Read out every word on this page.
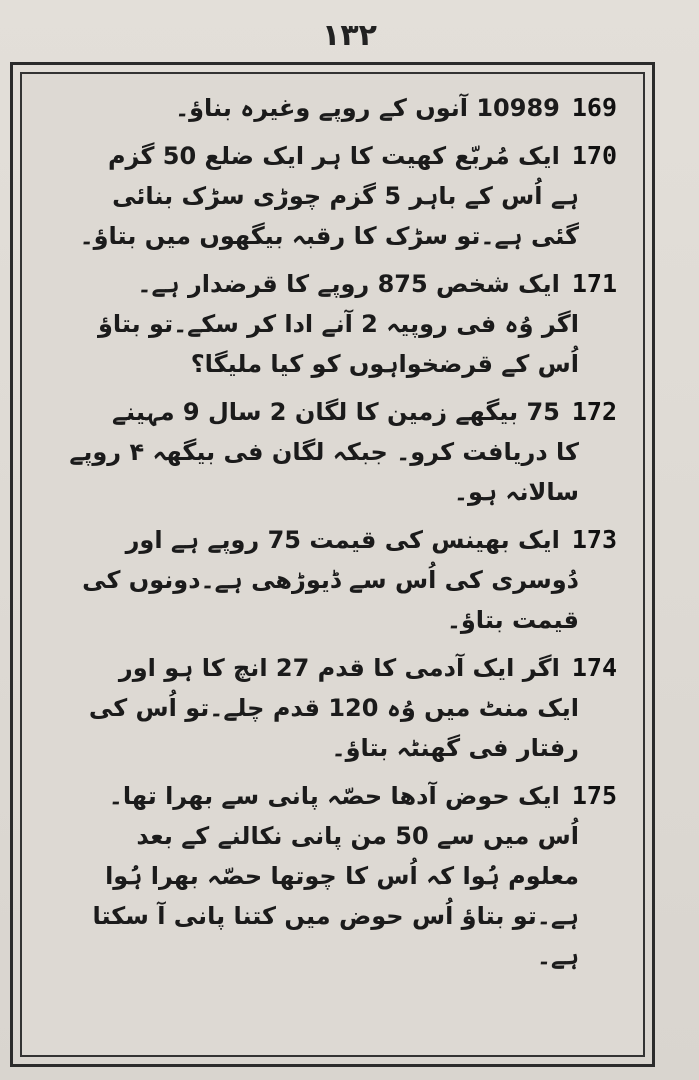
١٣٢
16910989 آنوں کے روپے وغیرہ بناؤ۔
170ایک مُربّع کھیت کا ہر ایک ضلع 50 گزم
ہے اُس کے باہر 5 گزم چوڑی سڑک بنائی
گئی ہے۔تو سڑک کا رقبہ بیگھوں میں بتاؤ۔
171ایک شخص 875 روپے کا قرضدار ہے۔
اگر وُہ فی روپیہ 2 آنے ادا کر سکے۔تو بتاؤ
اُس کے قرضخواہوں کو کیا ملیگا؟
17275 بیگھے زمین کا لگان 2 سال 9 مہینے
کا دریافت کرو۔ جبکہ لگان فی بیگھہ ۴ روپے
سالانہ ہو۔
173ایک بھینس کی قیمت 75 روپے ہے اور
دُوسری کی اُس سے ڈیوڑھی ہے۔دونوں کی
قیمت بتاؤ۔
174اگر ایک آدمی کا قدم 27 انچ کا ہو اور
ایک منٹ میں وُہ 120 قدم چلے۔تو اُس کی
رفتار فی گھنٹہ بتاؤ۔
175ایک حوض آدھا حصّہ پانی سے بھرا تھا۔
اُس میں سے 50 من پانی نکالنے کے بعد
معلوم ہُوا کہ اُس کا چوتھا حصّہ بھرا ہُوا
ہے۔تو بتاؤ اُس حوض میں کتنا پانی آ سکتا
ہے۔
